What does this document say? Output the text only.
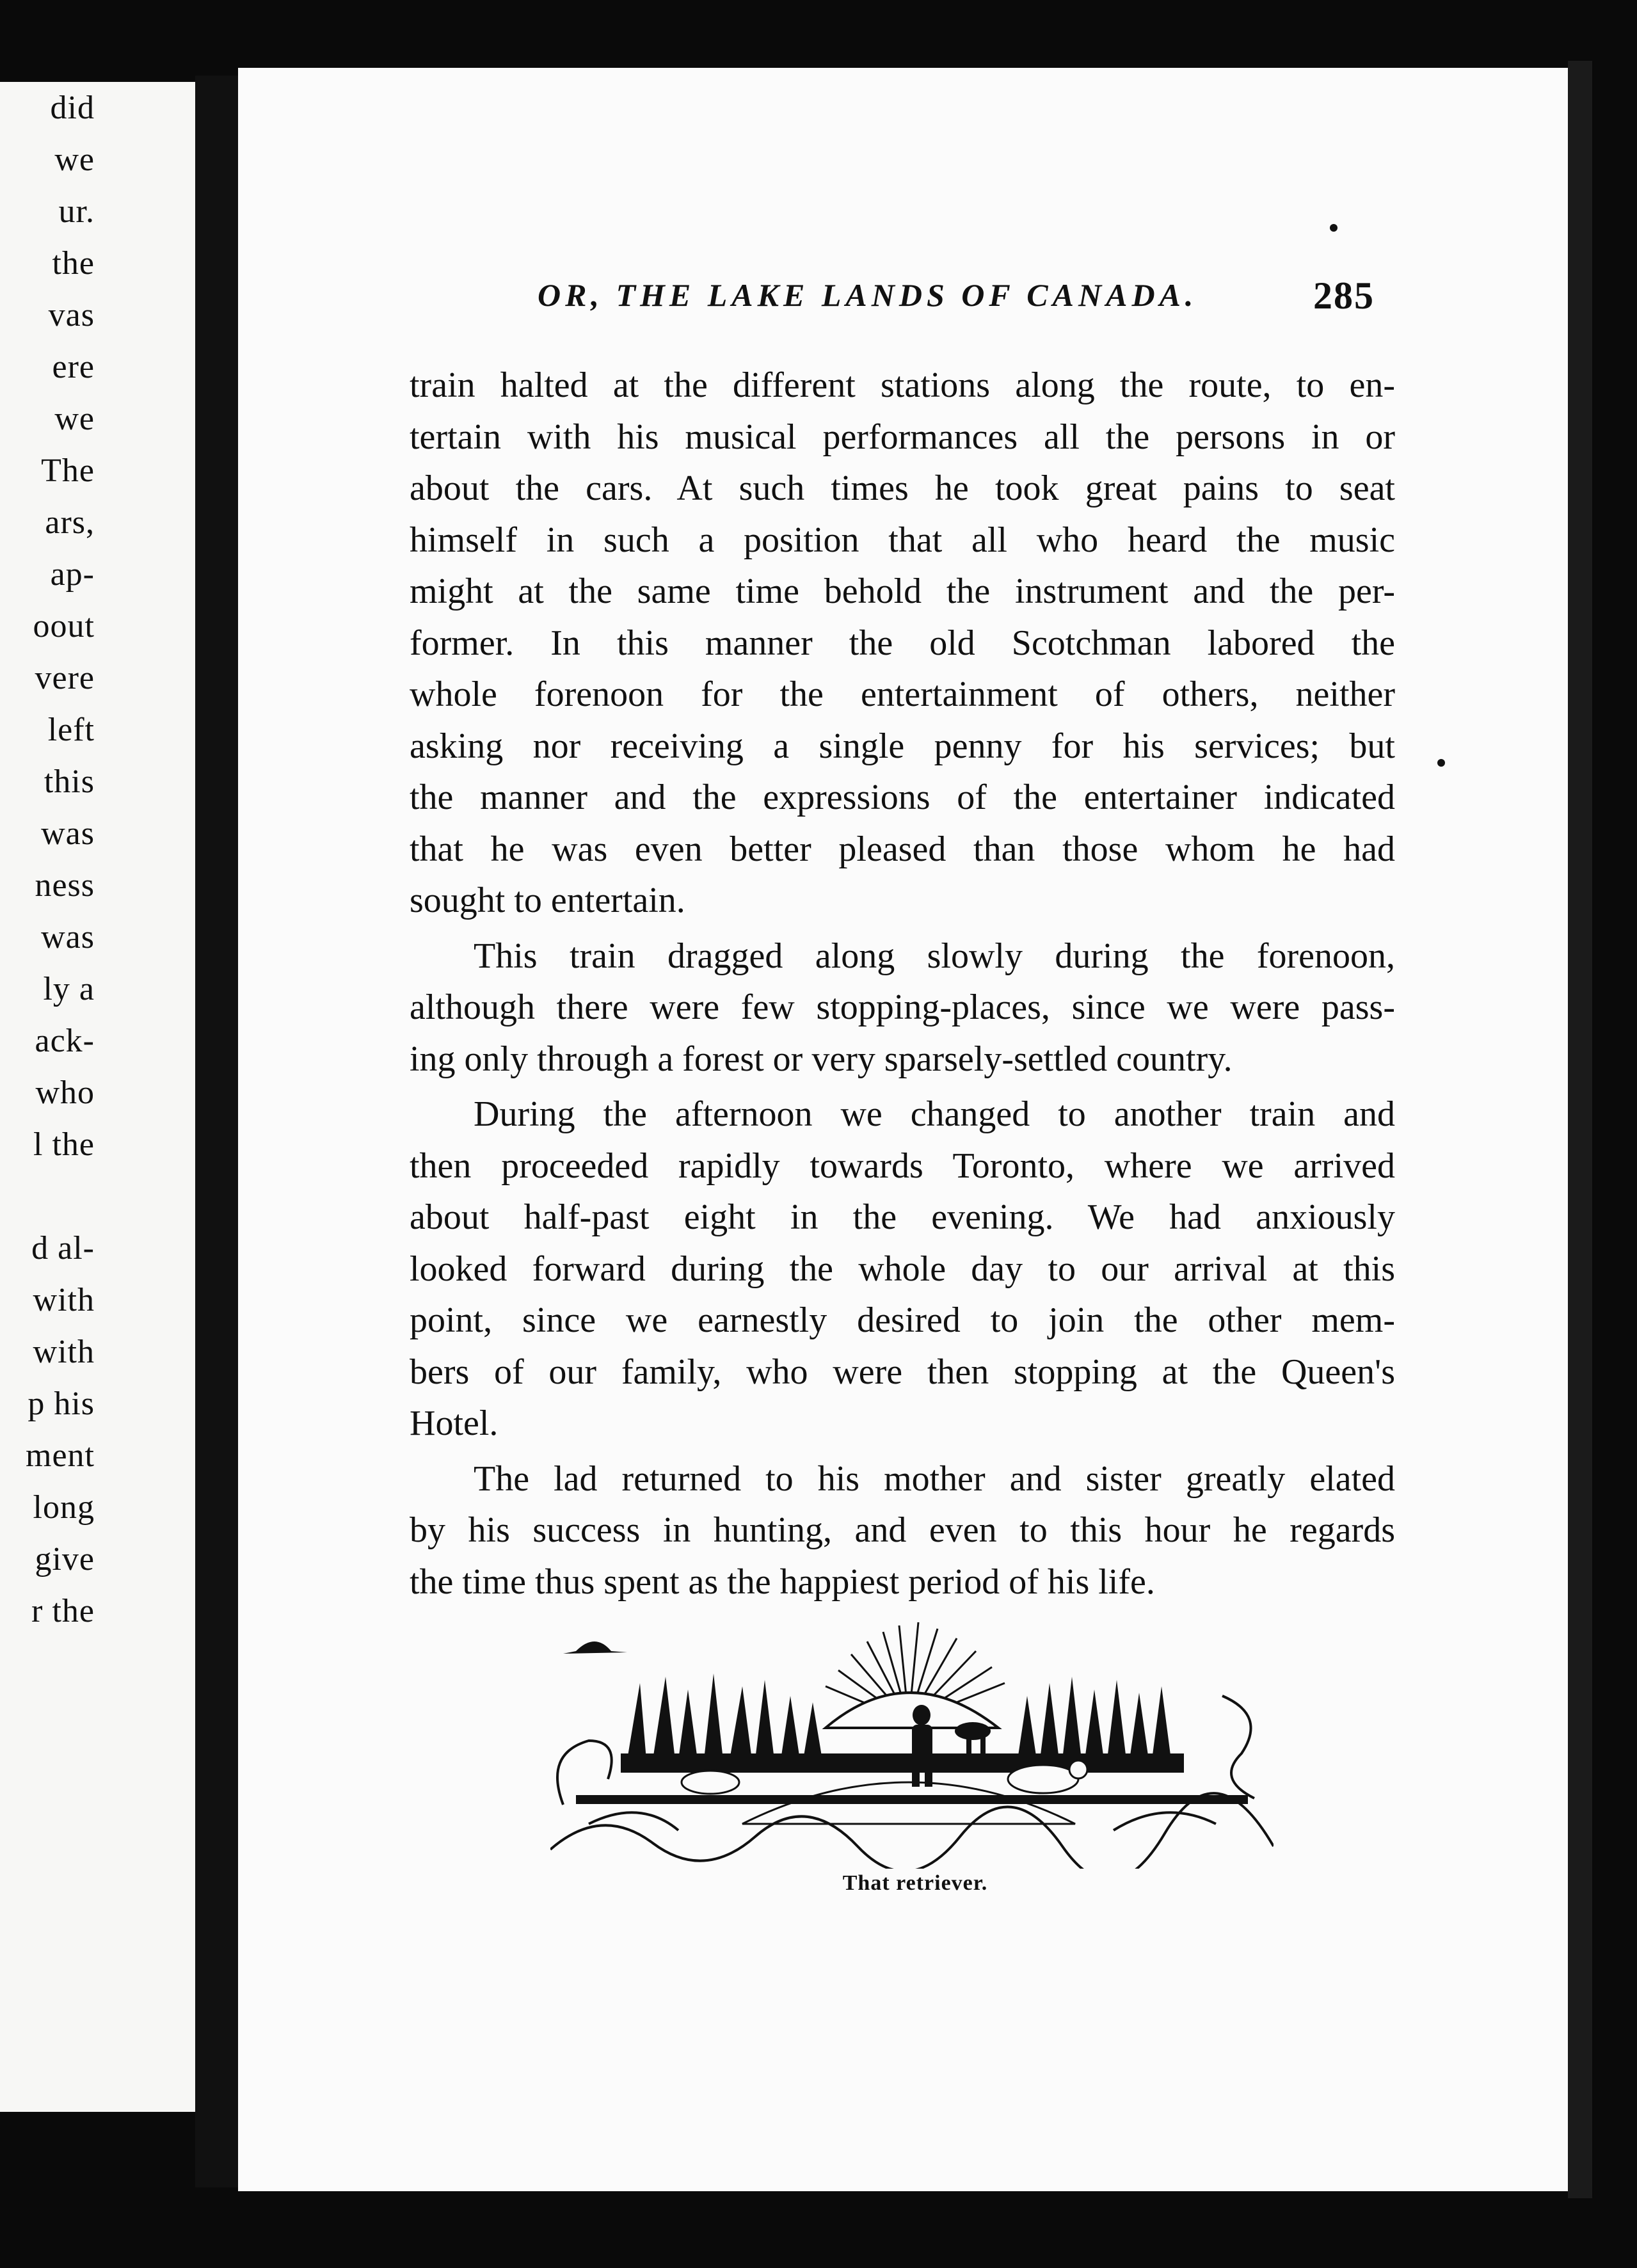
did
we
ur.
the
vas
ere
we
The
ars,
ap-
oout
vere
left
this
was
ness
was
ly a
ack-
who
l the
d al-
with
with
p his
ment
long
give
r the
OR, THE LAKE LANDS OF CANADA.	285
train halted at the different stations along the route, to en-
tertain with his musical performances all the persons in or
about the cars. At such times he took great pains to seat
himself in such a position that all who heard the music
might at the same time behold the instrument and the per-
former. In this manner the old Scotchman labored the
whole forenoon for the entertainment of others, neither
asking nor receiving a single penny for his services; but
the manner and the expressions of the entertainer indicated
that he was even better pleased than those whom he had
sought to entertain.
This train dragged along slowly during the forenoon,
although there were few stopping-places, since we were pass-
ing only through a forest or very sparsely-settled country.
During the afternoon we changed to another train and
then proceeded rapidly towards Toronto, where we arrived
about half-past eight in the evening. We had anxiously
looked forward during the whole day to our arrival at this
point, since we earnestly desired to join the other mem-
bers of our family, who were then stopping at the Queen's
Hotel.
The lad returned to his mother and sister greatly elated
by his success in hunting, and even to this hour he regards
the time thus spent as the happiest period of his life.
That retriever.
